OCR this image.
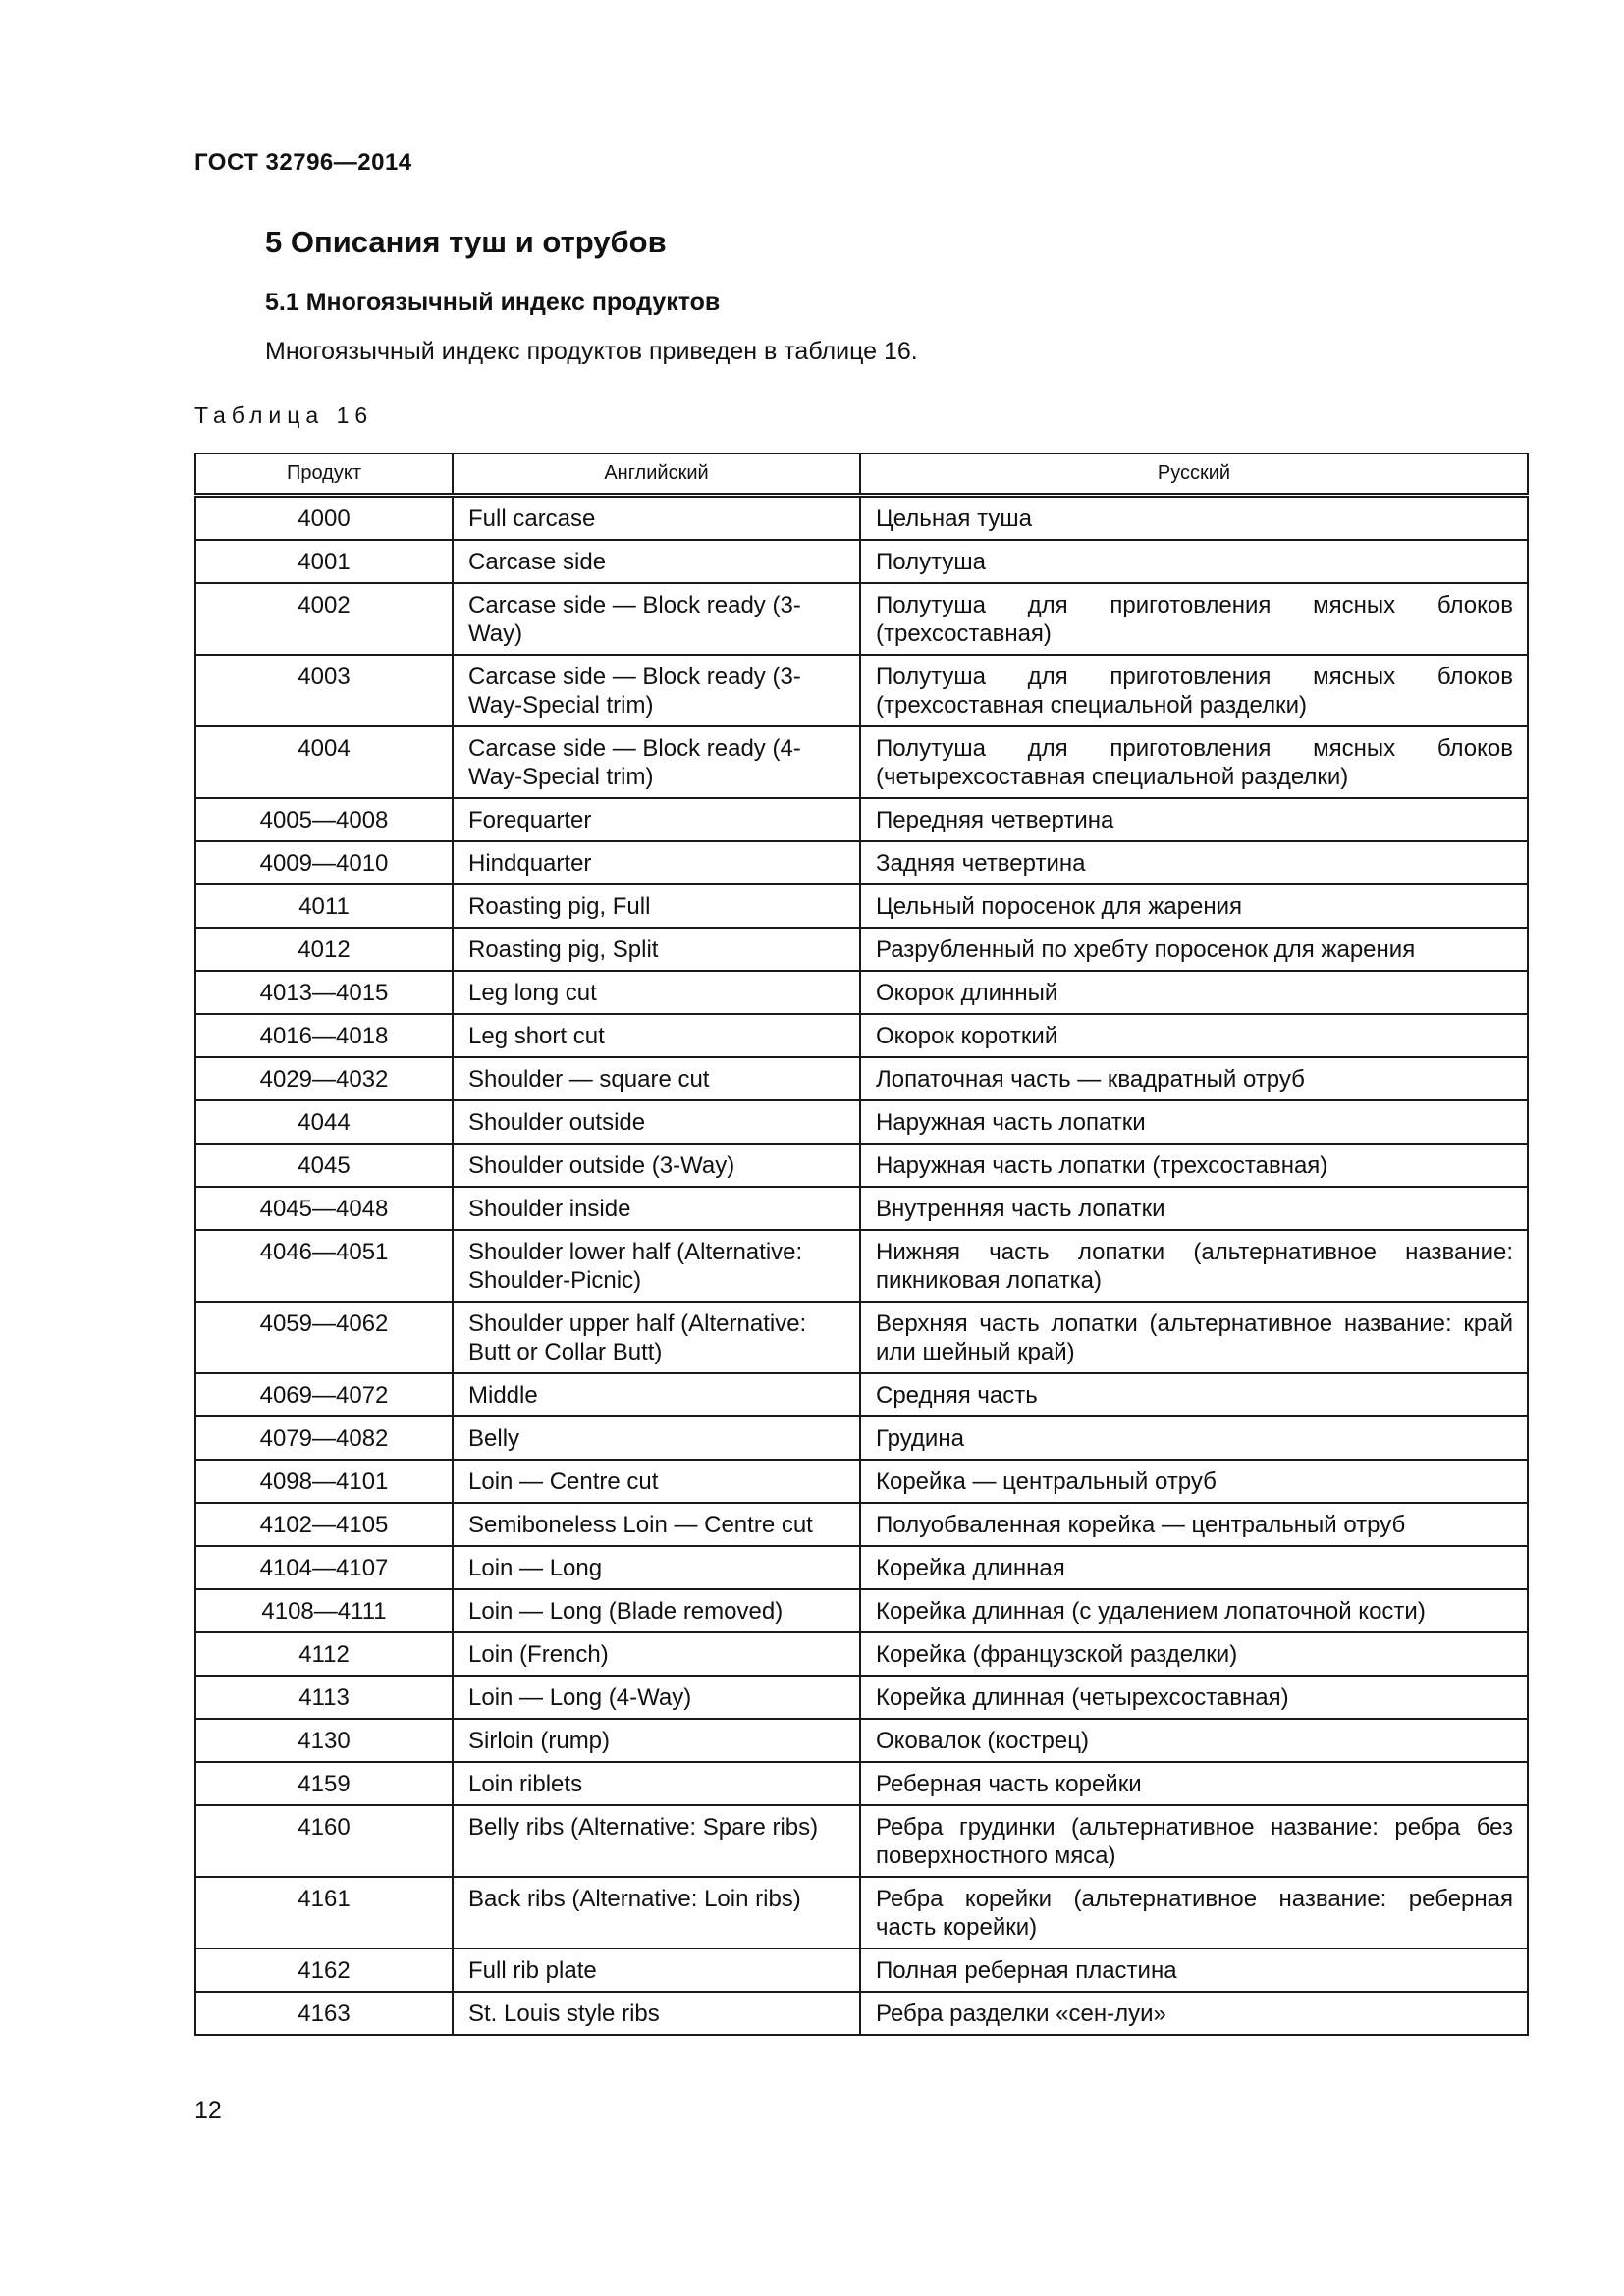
ГОСТ 32796—2014
5 Описания туш и отрубов
5.1 Многоязычный индекс продуктов
Многоязычный индекс продуктов приведен в таблице 16.
Таблица 16
Продукт	Английский	Русский
4000	Full carcase	Цельная туша
4001	Carcase side	Полутуша
4002	Carcase side — Block ready (3-Way)	Полутуша для приготовления мясных блоков (трехсоставная)
4003	Carcase side — Block ready (3-Way-Special trim)	Полутуша для приготовления мясных блоков (трехсоставная специальной разделки)
4004	Carcase side — Block ready (4-Way-Special trim)	Полутуша для приготовления мясных блоков (четырехсоставная специальной разделки)
4005—4008	Forequarter	Передняя четвертина
4009—4010	Hindquarter	Задняя четвертина
4011	Roasting pig, Full	Цельный поросенок для жарения
4012	Roasting pig, Split	Разрубленный по хребту поросенок для жарения
4013—4015	Leg long cut	Окорок длинный
4016—4018	Leg short cut	Окорок короткий
4029—4032	Shoulder — square cut	Лопаточная часть — квадратный отруб
4044	Shoulder outside	Наружная часть лопатки
4045	Shoulder outside (3-Way)	Наружная часть лопатки (трехсоставная)
4045—4048	Shoulder inside	Внутренняя часть лопатки
4046—4051	Shoulder lower half (Alternative: Shoulder-Picnic)	Нижняя часть лопатки (альтернативное название: пикниковая лопатка)
4059—4062	Shoulder upper half (Alternative: Butt or Collar Butt)	Верхняя часть лопатки (альтернативное название: край или шейный край)
4069—4072	Middle	Средняя часть
4079—4082	Belly	Грудина
4098—4101	Loin — Centre cut	Корейка — центральный отруб
4102—4105	Semiboneless Loin — Centre cut	Полуобваленная корейка — центральный отруб
4104—4107	Loin — Long	Корейка длинная
4108—4111	Loin — Long (Blade removed)	Корейка длинная (с удалением лопаточной кости)
4112	Loin (French)	Корейка (французской разделки)
4113	Loin — Long (4-Way)	Корейка длинная (четырехсоставная)
4130	Sirloin (rump)	Оковалок (кострец)
4159	Loin riblets	Реберная часть корейки
4160	Belly ribs (Alternative: Spare ribs)	Ребра грудинки (альтернативное название: ребра без поверхностного мяса)
4161	Back ribs (Alternative: Loin ribs)	Ребра корейки (альтернативное название: реберная часть корейки)
4162	Full rib plate	Полная реберная пластина
4163	St. Louis style ribs	Ребра разделки «сен-луи»
12
